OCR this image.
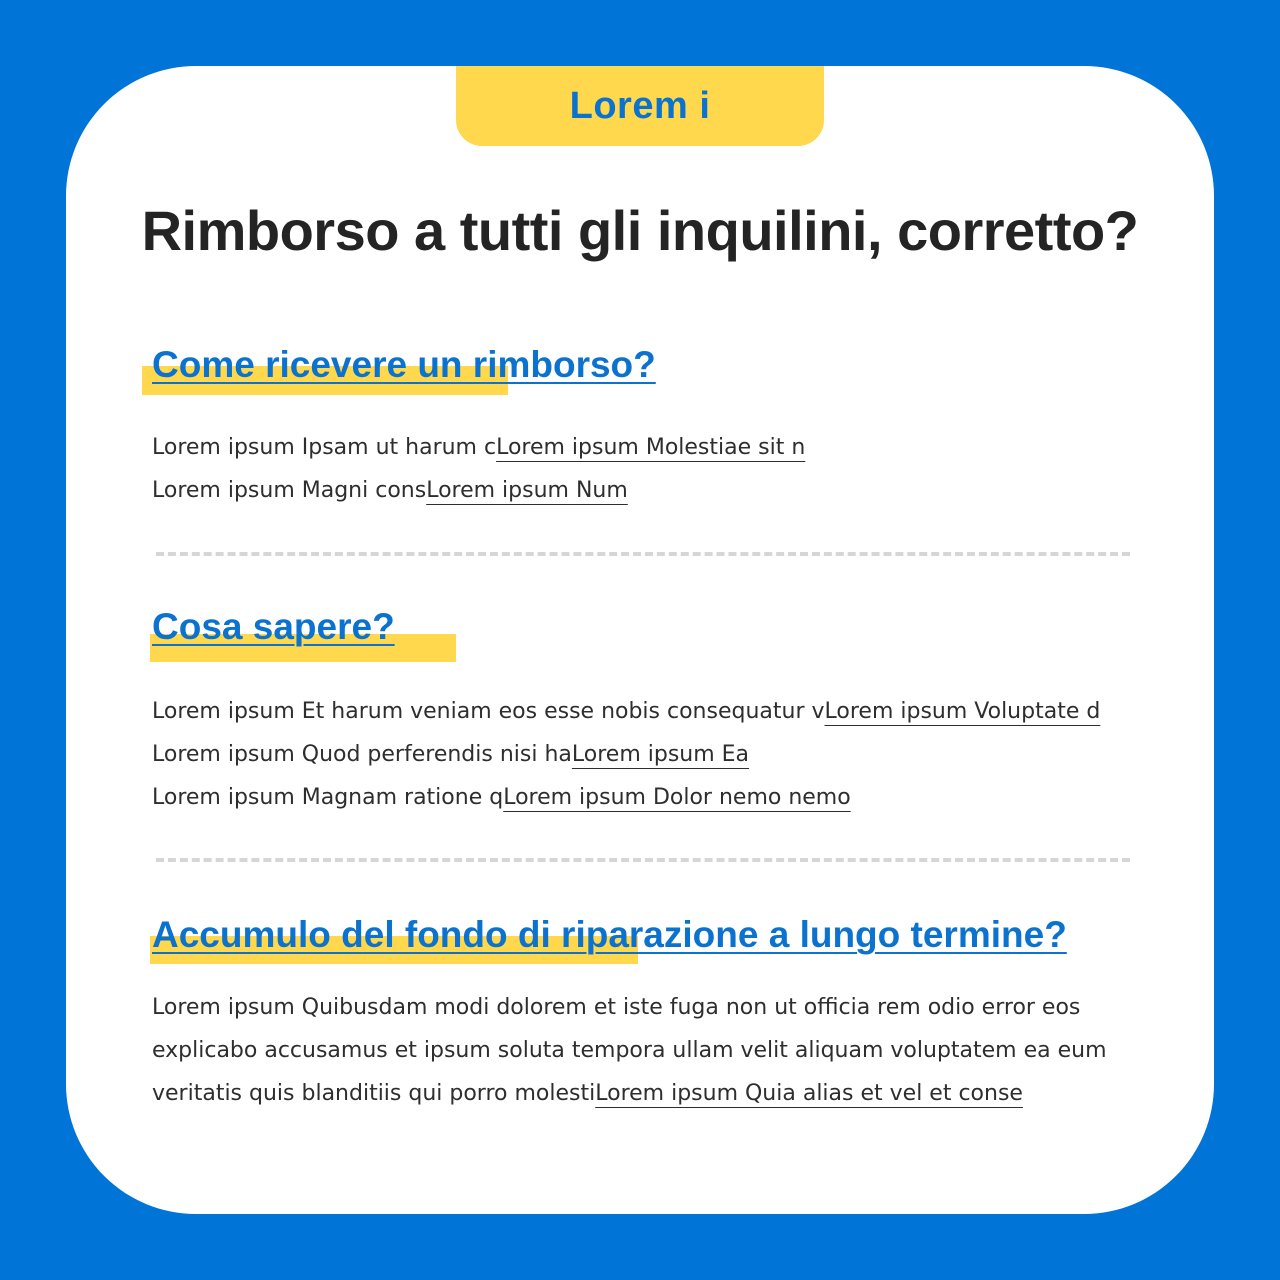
Lorem i
Rimborso a tutti gli inquilini, corretto?
Come ricevere un rimborso?
Lorem ipsum Ipsam ut harum cLorem ipsum Molestiae sit n
Lorem ipsum Magni consLorem ipsum Num
Cosa sapere?
Lorem ipsum Et harum veniam eos esse nobis consequatur vLorem ipsum Voluptate d
Lorem ipsum Quod perferendis nisi haLorem ipsum Ea
Lorem ipsum Magnam ratione qLorem ipsum Dolor nemo nemo
Accumulo del fondo di riparazione a lungo termine?
Lorem ipsum Quibusdam modi dolorem et iste fuga non ut officia rem odio error eos explicabo accusamus et ipsum soluta tempora ullam velit aliquam voluptatem ea eum veritatis quis blanditiis qui porro molestiLorem ipsum Quia alias et vel et conse
